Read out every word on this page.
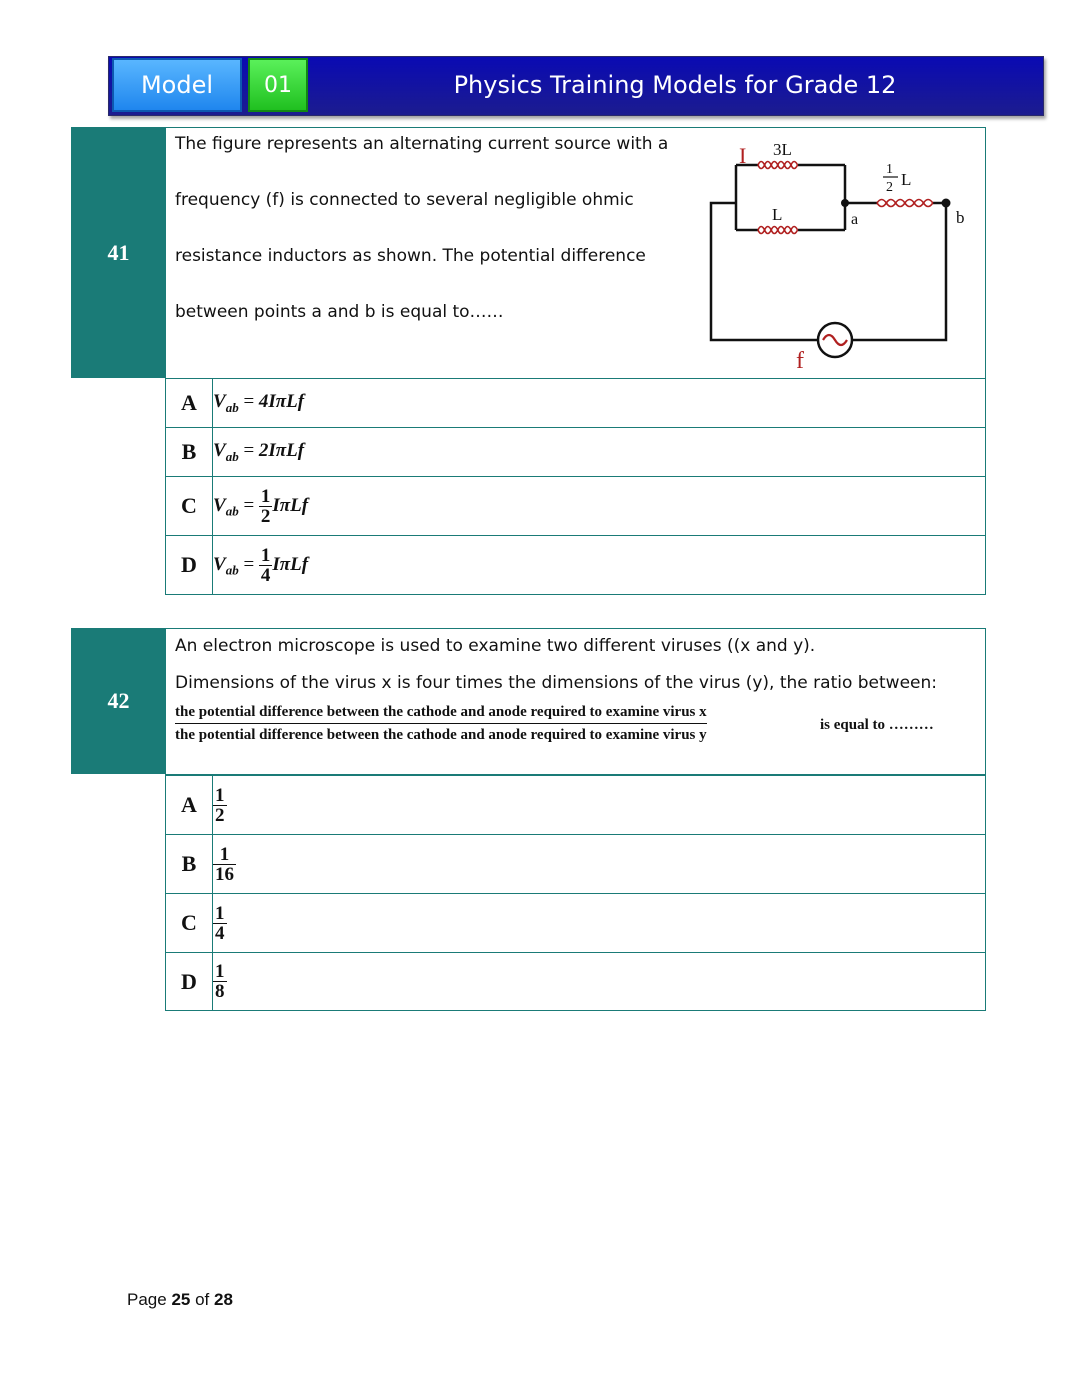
Model	01	Physics Training Models for Grade 12
41
The figure represents an alternating current source with a
frequency (f) is connected to several negligible ohmic
resistance inductors as shown. The potential difference
between points a and b is equal to……
I 3L
L
1
2 L
a	b
f
A	$V_{ab} = 4I\pi Lf$
B	$V_{ab} = 2I\pi Lf$
C	$V_{ab} = \frac{1}{2}$ IπLf
D	$V_{ab} = \frac{1}{4}$ IπLf
42
An electron microscope is used to examine two different viruses ((x and y).
Dimensions of the virus x is four times the dimensions of the virus (y), the ratio between:
the potential difference between the cathode and anode required to examine virus x
the potential difference between the cathode and anode required to examine virus y
is equal to ………
A	$\frac{1}{2}$

B	$\frac{1}{16}$

C	$\frac{1}{4}$

D	$\frac{1}{8}$
Page 25 of 28
